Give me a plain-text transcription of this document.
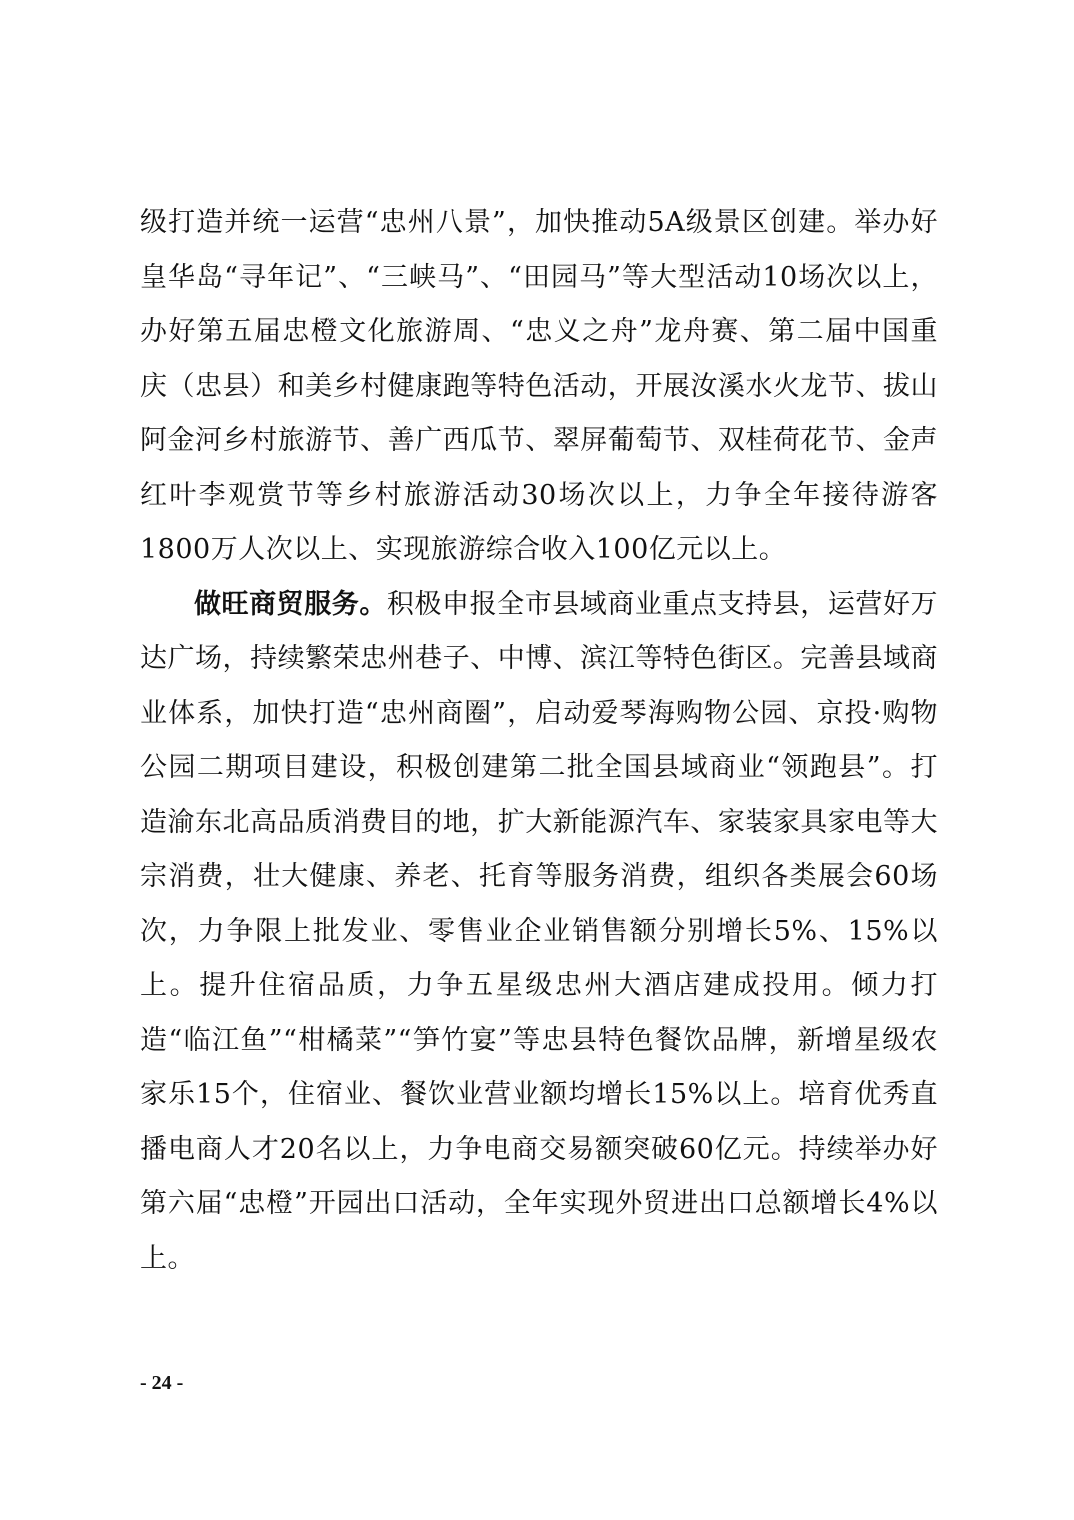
级打造并统一运营“忠州八景”，加快推动5A级景区创建。举办好皇华岛“寻年记”、“三峡马”、“田园马”等大型活动10场次以上，办好第五届忠橙文化旅游周、“忠义之舟”龙舟赛、第二届中国重庆（忠县）和美乡村健康跑等特色活动，开展汝溪水火龙节、拔山阿金河乡村旅游节、善广西瓜节、翠屏葡萄节、双桂荷花节、金声红叶李观赏节等乡村旅游活动30场次以上，力争全年接待游客1800万人次以上、实现旅游综合收入100亿元以上。

做旺商贸服务。积极申报全市县域商业重点支持县，运营好万达广场，持续繁荣忠州巷子、中博、滨江等特色街区。完善县域商业体系，加快打造“忠州商圈”，启动爱琴海购物公园、京投·购物公园二期项目建设，积极创建第二批全国县域商业“领跑县”。打造渝东北高品质消费目的地，扩大新能源汽车、家装家具家电等大宗消费，壮大健康、养老、托育等服务消费，组织各类展会60场次，力争限上批发业、零售业企业销售额分别增长5%、15%以上。提升住宿品质，力争五星级忠州大酒店建成投用。倾力打造“临江鱼”“柑橘菜”“笋竹宴”等忠县特色餐饮品牌，新增星级农家乐15个，住宿业、餐饮业营业额均增长15%以上。培育优秀直播电商人才20名以上，力争电商交易额突破60亿元。持续举办好第六届“忠橙”开园出口活动，全年实现外贸进出口总额增长4%以上。

- 24 -
